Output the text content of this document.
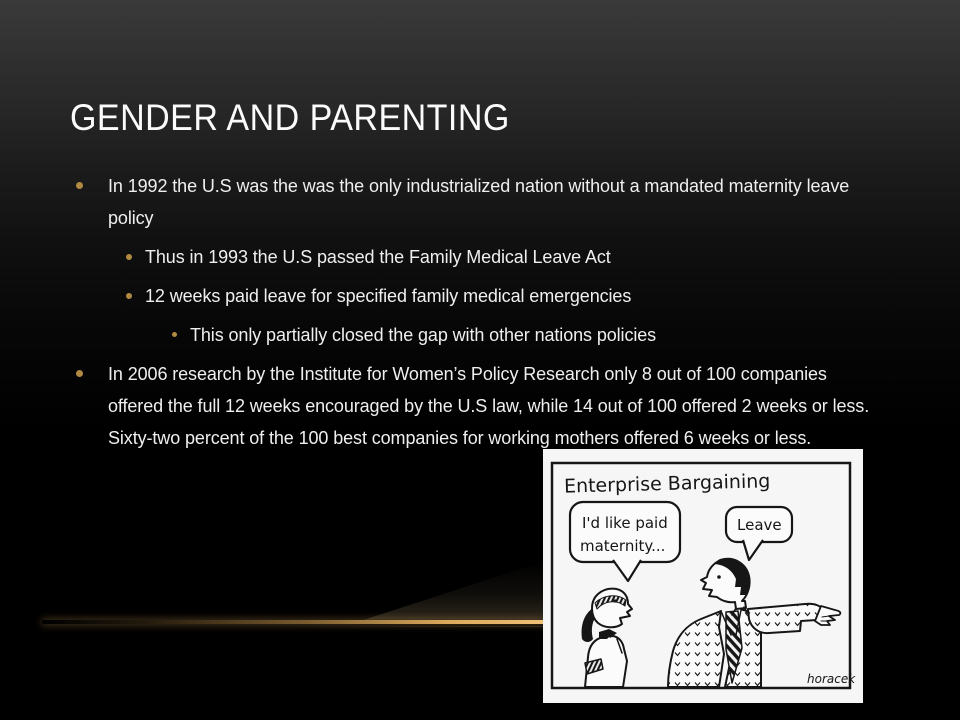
GENDER AND PARENTING
In 1992 the U.S was the was the only industrialized nation without a mandated maternity leave policy
Thus in 1993 the U.S passed the Family Medical Leave Act
12 weeks paid leave for specified family medical emergencies
This only partially closed the gap with other nations policies
In 2006 research by the Institute for Women’s Policy Research only 8 out of 100 companies offered the full 12 weeks encouraged by the U.S law, while 14 out of 100 offered 2 weeks or less. Sixty-two percent of the 100 best companies for working mothers offered 6 weeks or less.
Enterprise Bargaining
I'd like paid
maternity...
Leave
horacek
